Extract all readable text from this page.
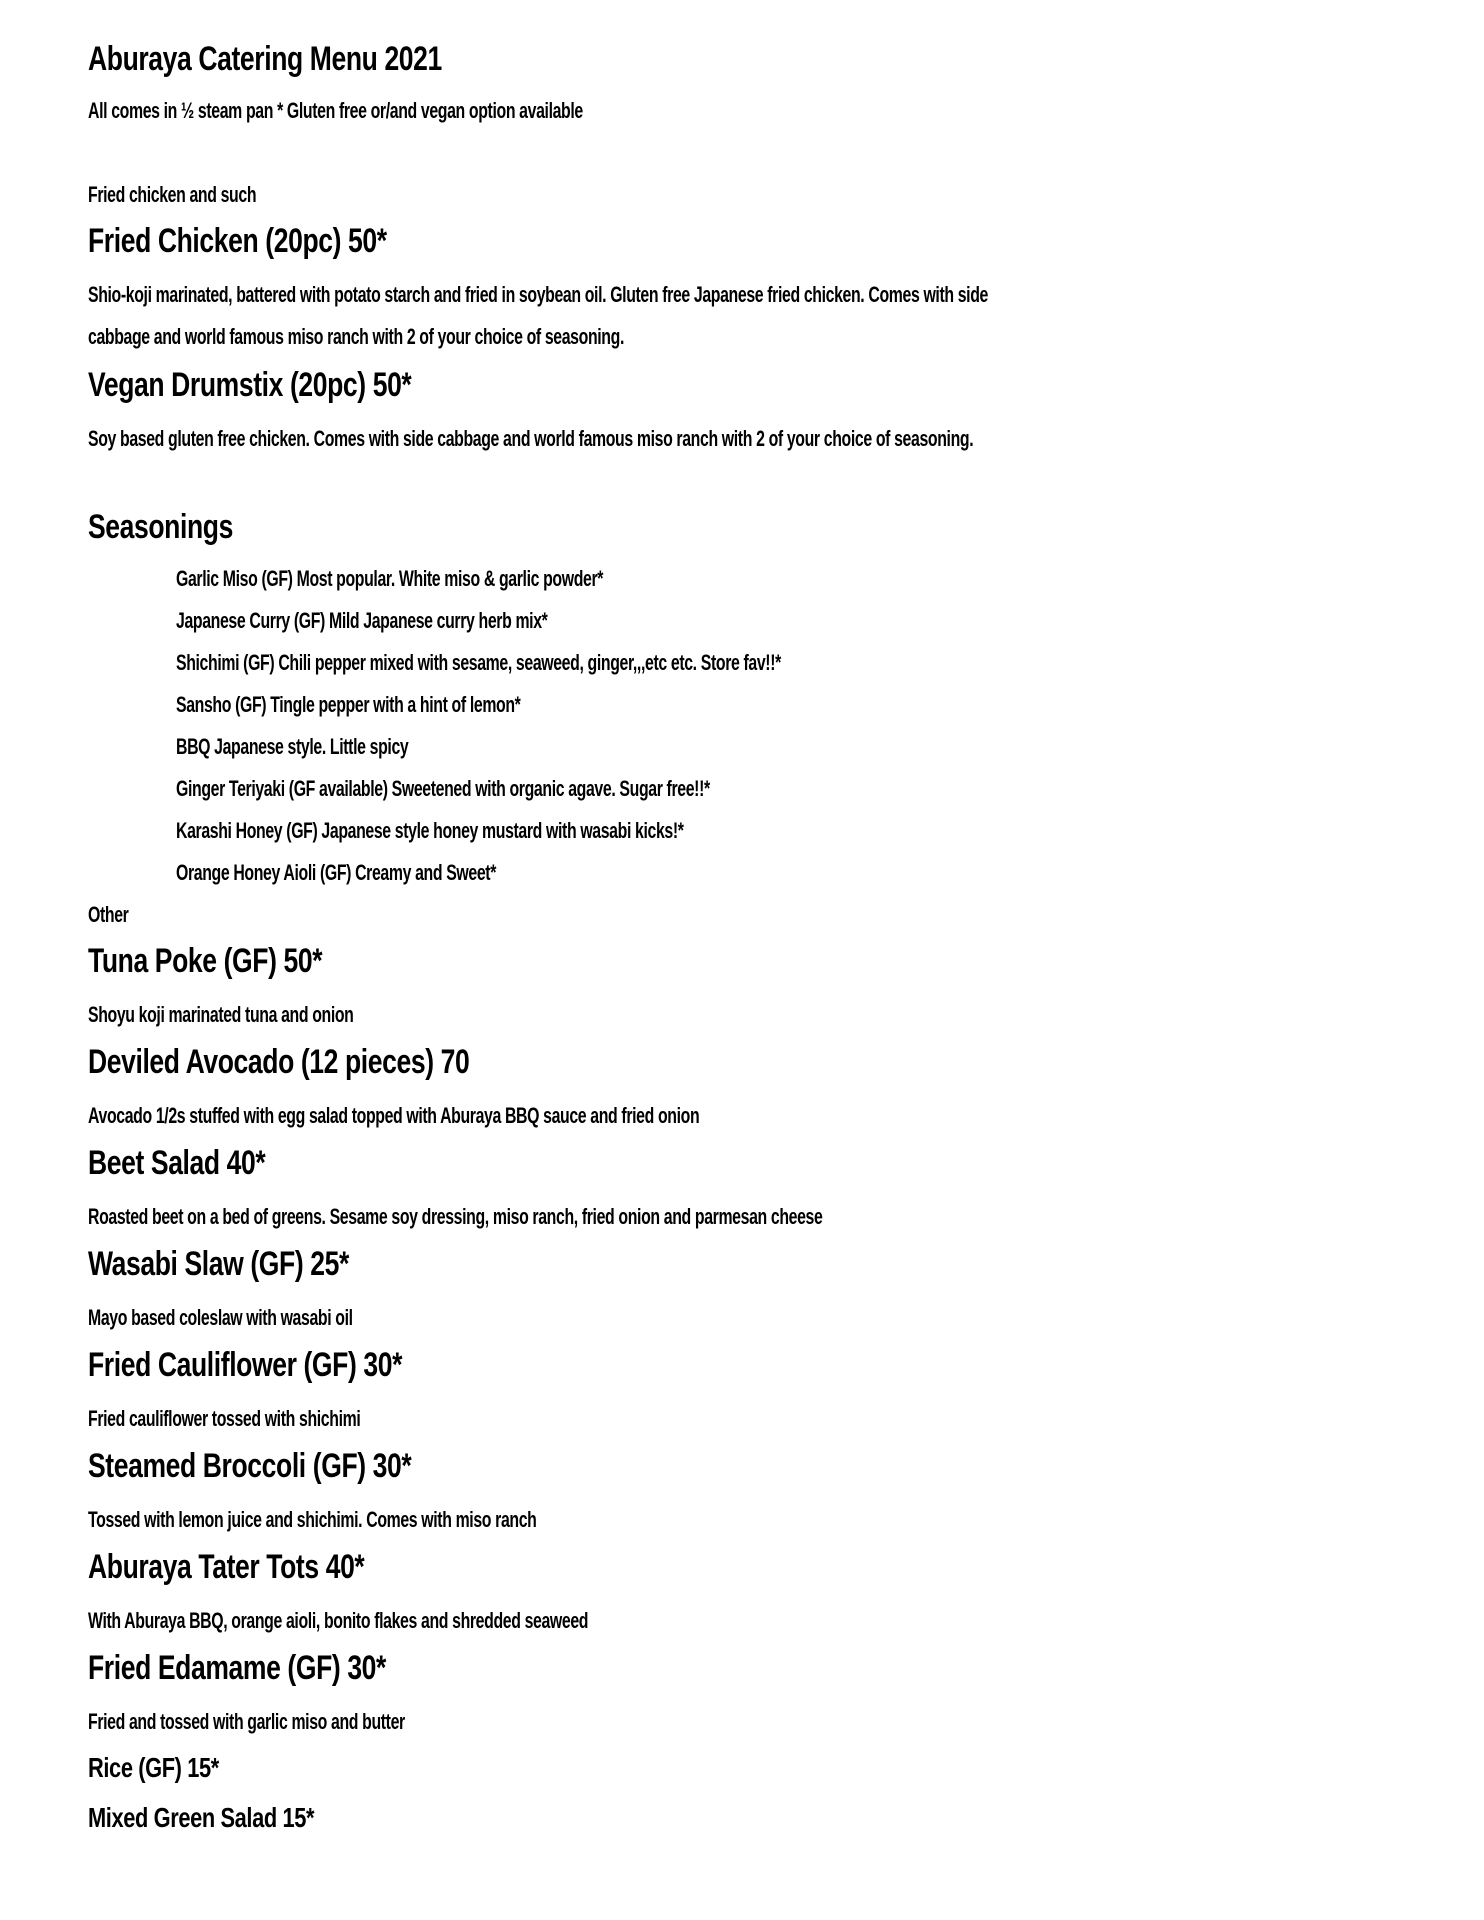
Aburaya Catering Menu 2021
All comes in ½ steam pan * Gluten free or/and vegan option available
Fried chicken and such
Fried Chicken (20pc) 50*
Shio-koji marinated, battered with potato starch and fried in soybean oil. Gluten free Japanese fried chicken. Comes with side
cabbage and world famous miso ranch with 2 of your choice of seasoning.
Vegan Drumstix (20pc) 50*
Soy based gluten free chicken. Comes with side cabbage and world famous miso ranch with 2 of your choice of seasoning.
Seasonings
Garlic Miso (GF) Most popular. White miso & garlic powder*
Japanese Curry (GF) Mild Japanese curry herb mix*
Shichimi (GF) Chili pepper mixed with sesame, seaweed, ginger,,,etc etc. Store fav!!*
Sansho (GF) Tingle pepper with a hint of lemon*
BBQ Japanese style. Little spicy
Ginger Teriyaki (GF available) Sweetened with organic agave. Sugar free!!*
Karashi Honey (GF) Japanese style honey mustard with wasabi kicks!*
Orange Honey Aioli (GF) Creamy and Sweet*
Other
Tuna Poke (GF) 50*
Shoyu koji marinated tuna and onion
Deviled Avocado (12 pieces) 70
Avocado 1/2s stuffed with egg salad topped with Aburaya BBQ sauce and fried onion
Beet Salad 40*
Roasted beet on a bed of greens. Sesame soy dressing, miso ranch, fried onion and parmesan cheese
Wasabi Slaw (GF) 25*
Mayo based coleslaw with wasabi oil
Fried Cauliflower (GF) 30*
Fried cauliflower tossed with shichimi
Steamed Broccoli (GF) 30*
Tossed with lemon juice and shichimi. Comes with miso ranch
Aburaya Tater Tots 40*
With Aburaya BBQ, orange aioli, bonito flakes and shredded seaweed
Fried Edamame (GF) 30*
Fried and tossed with garlic miso and butter
Rice (GF) 15*
Mixed Green Salad 15*
